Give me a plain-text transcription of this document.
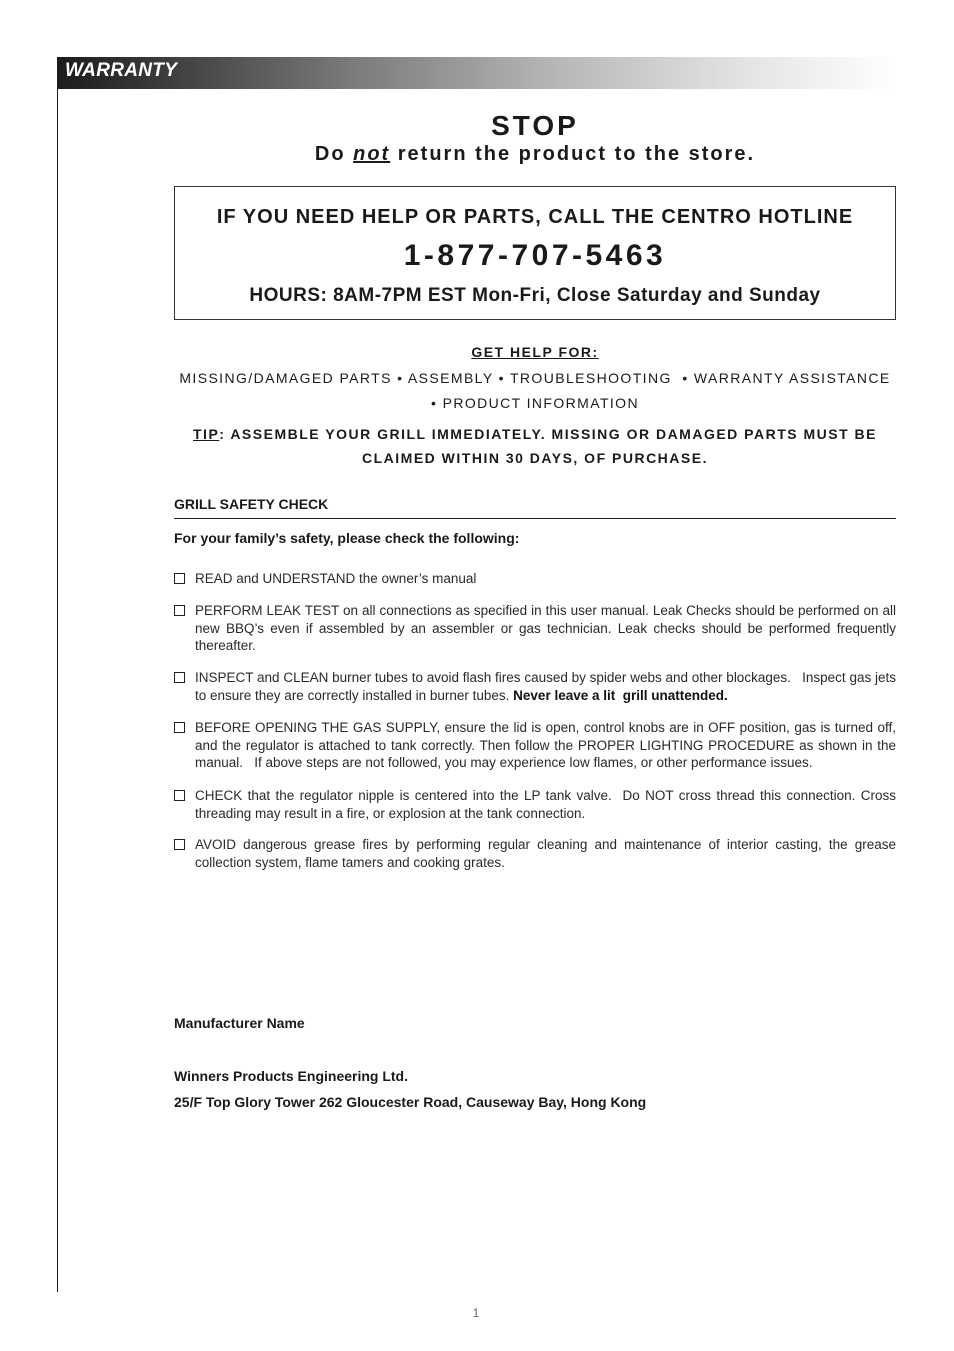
WARRANTY
STOP
Do not return the product to the store.
IF YOU NEED HELP OR PARTS, CALL THE CENTRO HOTLINE
1-877-707-5463
HOURS: 8AM-7PM EST Mon-Fri, Close Saturday and Sunday
GET HELP FOR:
MISSING/DAMAGED PARTS • ASSEMBLY • TROUBLESHOOTING  • WARRANTY ASSISTANCE
• PRODUCT INFORMATION
TIP: ASSEMBLE YOUR GRILL IMMEDIATELY. MISSING OR DAMAGED PARTS MUST BE CLAIMED WITHIN 30 DAYS, OF PURCHASE.
GRILL SAFETY CHECK
For your family’s safety, please check the following:
READ and UNDERSTAND the owner’s manual
PERFORM LEAK TEST on all connections as specified in this user manual. Leak Checks should be performed on all new BBQ’s even if assembled by an assembler or gas technician. Leak checks should be performed frequently thereafter.
INSPECT and CLEAN burner tubes to avoid flash fires caused by spider webs and other blockages.   Inspect gas jets to ensure they are correctly installed in burner tubes. Never leave a lit  grill unattended.
BEFORE OPENING THE GAS SUPPLY, ensure the lid is open, control knobs are in OFF position, gas is turned off, and the regulator is attached to tank correctly. Then follow the PROPER LIGHTING PROCEDURE as shown in the manual.   If above steps are not followed, you may experience low flames, or other performance issues.
CHECK that the regulator nipple is centered into the LP tank valve.  Do NOT cross thread this connection. Cross threading may result in a fire, or explosion at the tank connection.
AVOID dangerous grease fires by performing regular cleaning and maintenance of interior casting, the grease collection system, flame tamers and cooking grates.
Manufacturer Name
Winners Products Engineering Ltd.
25/F Top Glory Tower 262 Gloucester Road, Causeway Bay, Hong Kong
1
